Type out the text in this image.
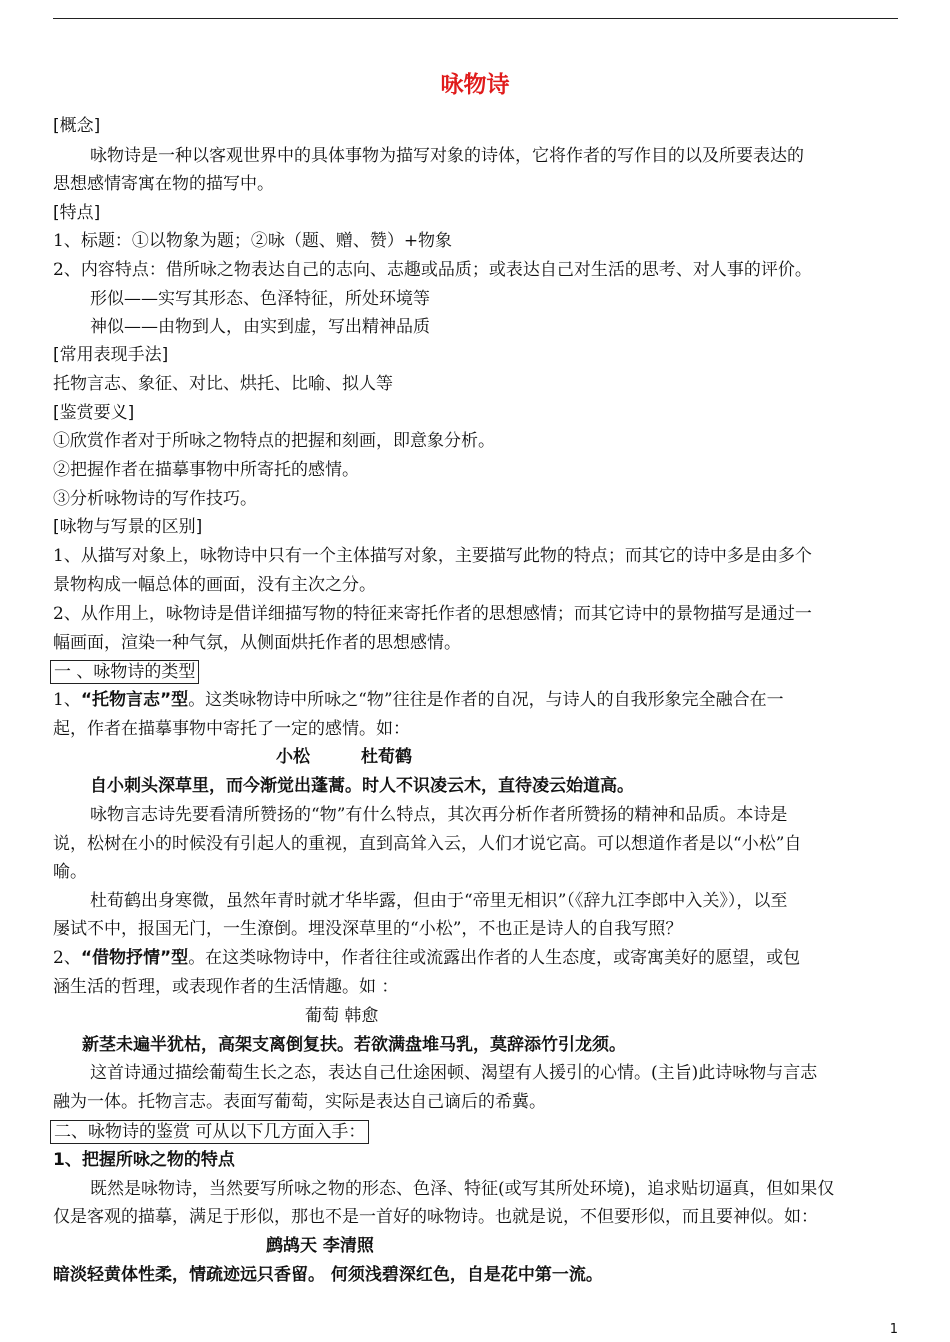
咏物诗
[概念]
咏物诗是一种以客观世界中的具体事物为描写对象的诗体，它将作者的写作目的以及所要表达的
思想感情寄寓在物的描写中。
[特点]
1、标题：①以物象为题；②咏（题、赠、赞）+物象
2、内容特点：借所咏之物表达自己的志向、志趣或品质；或表达自己对生活的思考、对人事的评价。
形似——实写其形态、色泽特征，所处环境等
神似——由物到人，由实到虚，写出精神品质
[常用表现手法]
托物言志、象征、对比、烘托、比喻、拟人等
[鉴赏要义]
①欣赏作者对于所咏之物特点的把握和刻画，即意象分析。
②把握作者在描摹事物中所寄托的感情。
③分析咏物诗的写作技巧。
[咏物与写景的区别]
1、从描写对象上，咏物诗中只有一个主体描写对象，主要描写此物的特点；而其它的诗中多是由多个
景物构成一幅总体的画面，没有主次之分。
2、从作用上，咏物诗是借详细描写物的特征来寄托作者的思想感情；而其它诗中的景物描写是通过一
幅画面，渲染一种气氛，从侧面烘托作者的思想感情。
一 、咏物诗的类型
1、“托物言志”型。这类咏物诗中所咏之“物”往往是作者的自况，与诗人的自我形象完全融合在一
起，作者在描摹事物中寄托了一定的感情。如：
小松　　　杜荀鹤
自小刺头深草里，而今渐觉出蓬蒿。时人不识凌云木，直待凌云始道高。
咏物言志诗先要看清所赞扬的“物”有什么特点，其次再分析作者所赞扬的精神和品质。本诗是
说，松树在小的时候没有引起人的重视，直到高耸入云，人们才说它高。可以想道作者是以“小松”自
喻。
杜荀鹤出身寒微，虽然年青时就才华毕露，但由于“帝里无相识”（《辞九江李郎中入关》），以至
屡试不中，报国无门，一生潦倒。埋没深草里的“小松”，不也正是诗人的自我写照？
2、“借物抒情”型。在这类咏物诗中，作者往往或流露出作者的人生态度，或寄寓美好的愿望，或包
涵生活的哲理，或表现作者的生活情趣。如 ：
葡萄 韩愈
新茎未遍半犹枯，高架支离倒复扶。若欲满盘堆马乳，莫辞添竹引龙须。
这首诗通过描绘葡萄生长之态，表达自己仕途困顿、渴望有人援引的心情。(主旨)此诗咏物与言志
融为一体。托物言志。表面写葡萄，实际是表达自己谪后的希冀。
二、咏物诗的鉴赏 可从以下几方面入手：
1、把握所咏之物的特点
既然是咏物诗，当然要写所咏之物的形态、色泽、特征(或写其所处环境)，追求贴切逼真，但如果仅
仅是客观的描摹，满足于形似，那也不是一首好的咏物诗。也就是说，不但要形似，而且要神似。如：
鹧鸪天 李清照
暗淡轻黄体性柔，情疏迹远只香留。 何须浅碧深红色，自是花中第一流。
1
